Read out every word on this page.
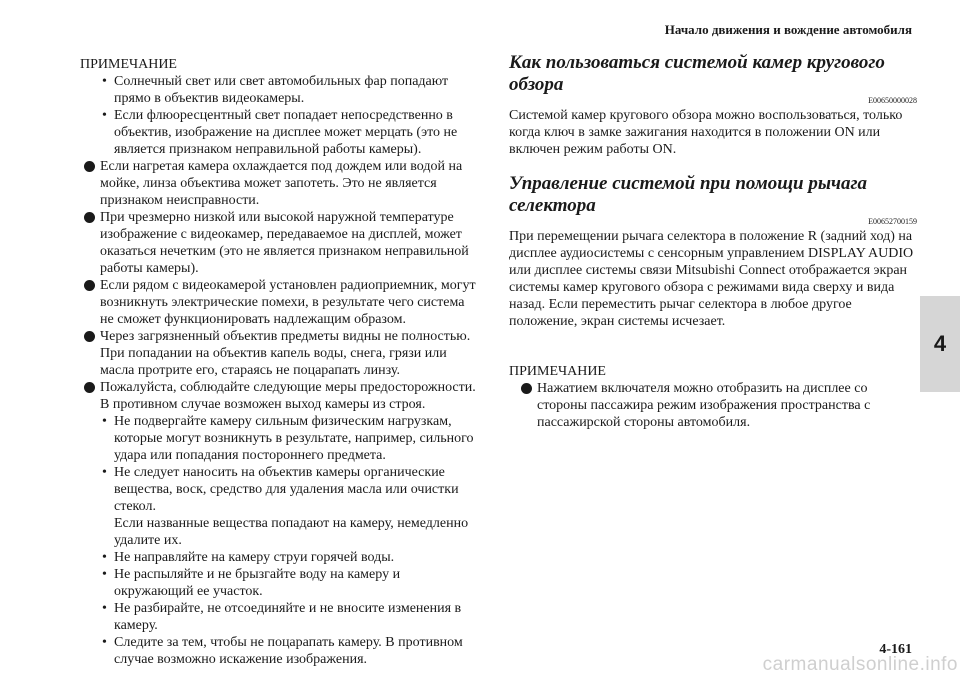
Начало движения и вождение автомобиля

ПРИМЕЧАНИЕ

• Солнечный свет или свет автомобильных фар попадают прямо в объектив видеокамеры.
• Если флюоресцентный свет попадает непосредственно в объектив, изображение на дисплее может мерцать (это не является признаком неправильной работы камеры).
Если нагретая камера охлаждается под дождем или водой на мойке, линза объектива может запотеть. Это не является признаком неисправности.
При чрезмерно низкой или высокой наружной температуре изображение с видеокамер, передаваемое на дисплей, может оказаться нечетким (это не является признаком неправильной работы камеры).
Если рядом с видеокамерой установлен радиоприемник, могут возникнуть электрические помехи, в результате чего система не сможет функционировать надлежащим образом.
Через загрязненный объектив предметы видны не полностью. При попадании на объектив капель воды, снега, грязи или масла протрите его, стараясь не поцарапать линзу.
Пожалуйста, соблюдайте следующие меры предосторожности. В противном случае возможен выход камеры из строя.
• Не подвергайте камеру сильным физическим нагрузкам, которые могут возникнуть в результате, например, сильного удара или попадания постороннего предмета.
• Не следует наносить на объектив камеры органические вещества, воск, средство для удаления масла или очистки стекол.
Если названные вещества попадают на камеру, немедленно удалите их.
• Не направляйте на камеру струи горячей воды.
• Не распыляйте и не брызгайте воду на камеру и окружающий ее участок.
• Не разбирайте, не отсоединяйте и не вносите изменения в камеру.
• Следите за тем, чтобы не поцарапать камеру. В противном случае возможно искажение изображения.
Как пользоваться системой камер кругового обзора

E00650000028

Системой камер кругового обзора можно воспользоваться, только когда ключ в замке зажигания находится в положении ON или включен режим работы ON.

Управление системой при помощи рычага селектора

E00652700159

При перемещении рычага селектора в положение R (задний ход) на дисплее аудиосистемы с сенсорным управлением DISPLAY AUDIO или дисплее системы связи Mitsubishi Connect отображается экран системы камер кругового обзора с режимами вида сверху и вида назад. Если переместить рычаг селектора в любое другое положение, экран системы исчезает.

ПРИМЕЧАНИЕ

Нажатием включателя можно отобразить на дисплее со стороны пассажира режим изображения пространства с пассажирской стороны автомобиля.
4
4-161
carmanualsonline.info
